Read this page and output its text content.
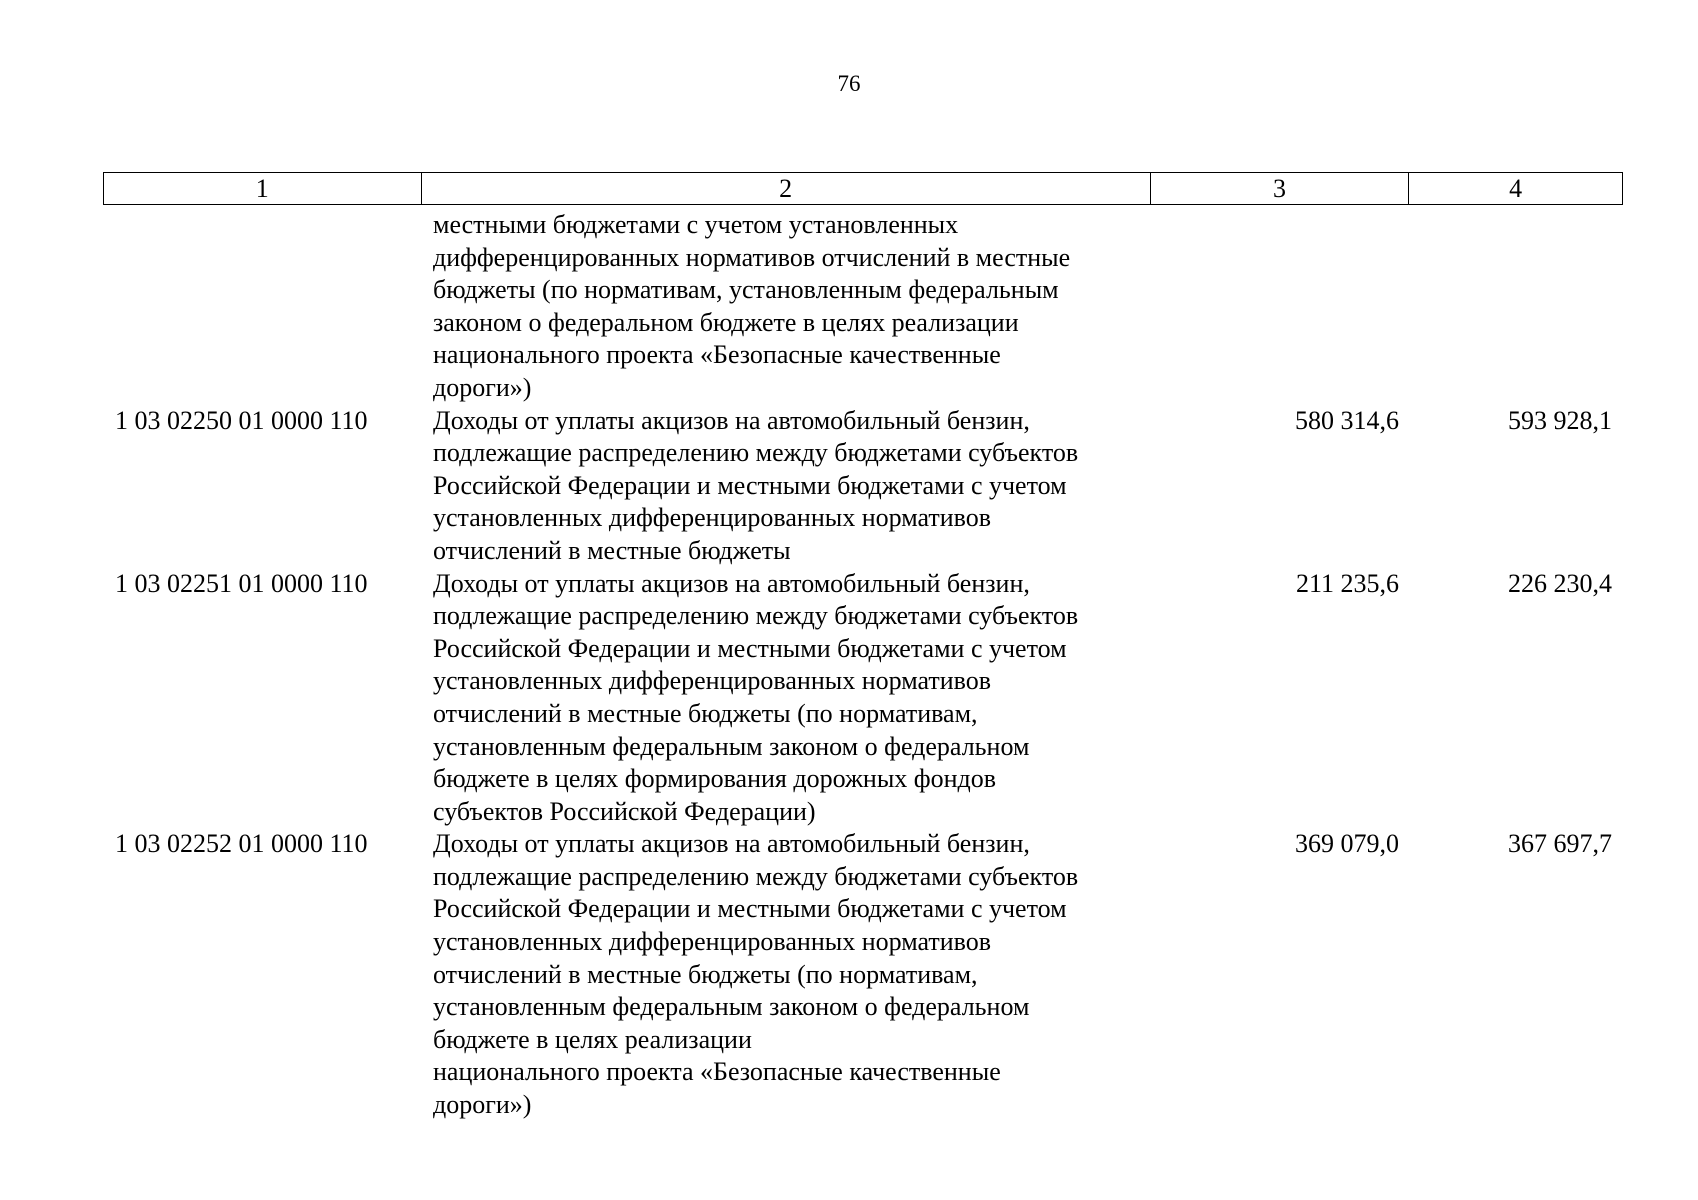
76
1	2	3	4
местными бюджетами с учетом установленных
дифференцированных нормативов отчислений в местные
бюджеты (по нормативам, установленным федеральным
законом о федеральном бюджете в целях реализации
национального проекта «Безопасные качественные
дороги»)
1 03 02250 01 0000 110	Доходы от уплаты акцизов на автомобильный бензин,
подлежащие распределению между бюджетами субъектов
Российской Федерации и местными бюджетами с учетом
установленных дифференцированных нормативов
отчислений в местные бюджеты
580 314,6	593 928,1
1 03 02251 01 0000 110	Доходы от уплаты акцизов на автомобильный бензин,
подлежащие распределению между бюджетами субъектов
Российской Федерации и местными бюджетами с учетом
установленных дифференцированных нормативов
отчислений в местные бюджеты (по нормативам,
установленным федеральным законом о федеральном
бюджете в целях формирования дорожных фондов
субъектов Российской Федерации)
211 235,6	226 230,4
1 03 02252 01 0000 110	Доходы от уплаты акцизов на автомобильный бензин,
подлежащие распределению между бюджетами субъектов
Российской Федерации и местными бюджетами с учетом
установленных дифференцированных нормативов
отчислений в местные бюджеты (по нормативам,
установленным федеральным законом о федеральном
бюджете в целях реализации
национального проекта «Безопасные качественные
дороги»)
369 079,0	367 697,7
